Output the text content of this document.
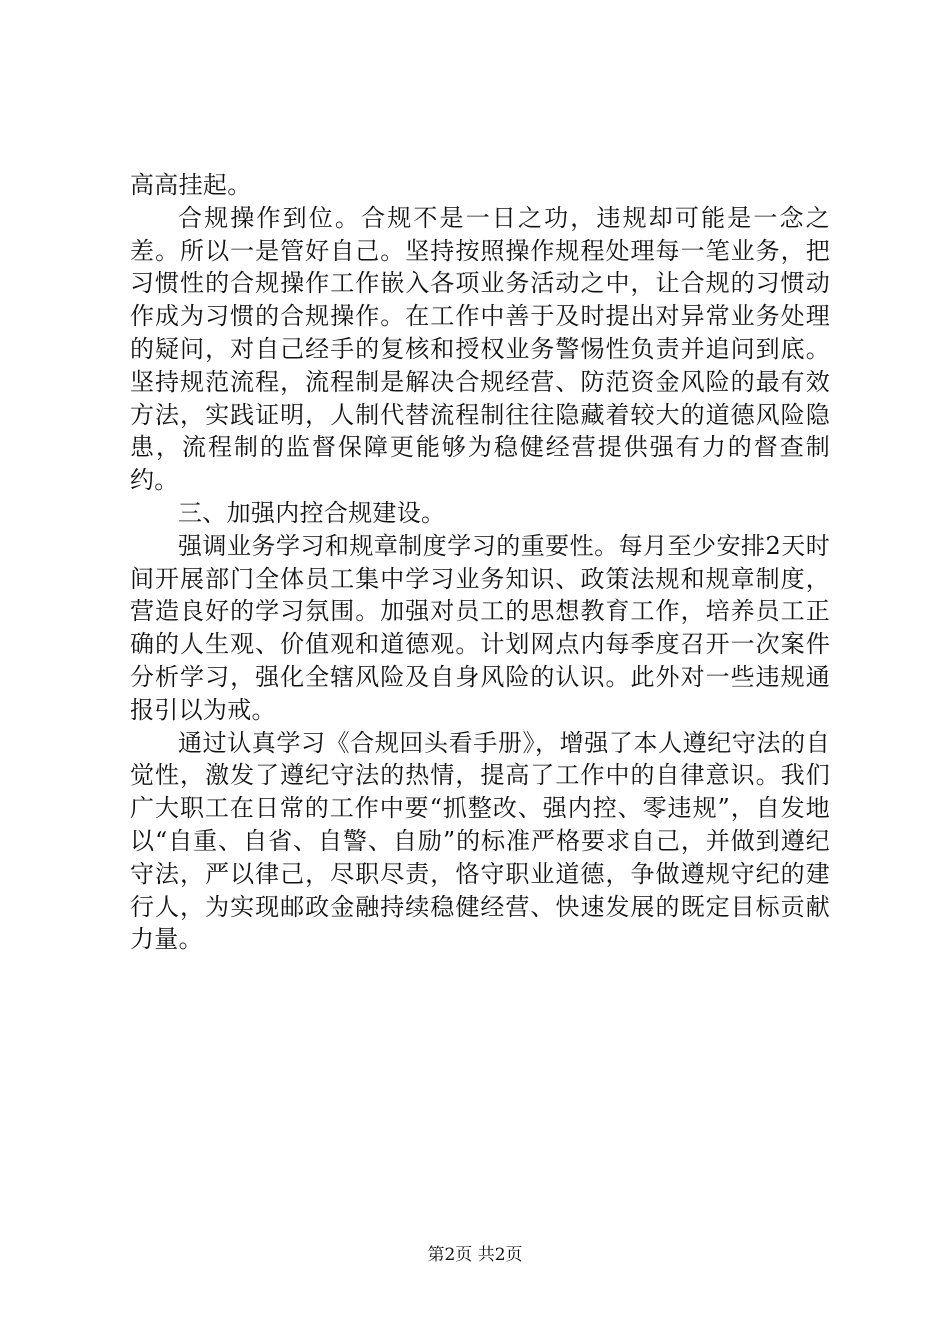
高高挂起。

合规操作到位。合规不是一日之功，违规却可能是一念之差。所以一是管好自己。坚持按照操作规程处理每一笔业务，把习惯性的合规操作工作嵌入各项业务活动之中，让合规的习惯动作成为习惯的合规操作。在工作中善于及时提出对异常业务处理的疑问，对自己经手的复核和授权业务警惕性负责并追问到底。坚持规范流程，流程制是解决合规经营、防范资金风险的最有效方法，实践证明，人制代替流程制往往隐藏着较大的道德风险隐患，流程制的监督保障更能够为稳健经营提供强有力的督查制约。

三、加强内控合规建设。

强调业务学习和规章制度学习的重要性。每月至少安排2天时间开展部门全体员工集中学习业务知识、政策法规和规章制度，营造良好的学习氛围。加强对员工的思想教育工作，培养员工正确的人生观、价值观和道德观。计划网点内每季度召开一次案件分析学习，强化全辖风险及自身风险的认识。此外对一些违规通报引以为戒。

通过认真学习《合规回头看手册》，增强了本人遵纪守法的自觉性，激发了遵纪守法的热情，提高了工作中的自律意识。我们广大职工在日常的工作中要“抓整改、强内控、零违规”，自发地以“自重、自省、自警、自励”的标准严格要求自己，并做到遵纪守法，严以律己，尽职尽责，恪守职业道德，争做遵规守纪的建行人，为实现邮政金融持续稳健经营、快速发展的既定目标贡献力量。

第2页 共2页
